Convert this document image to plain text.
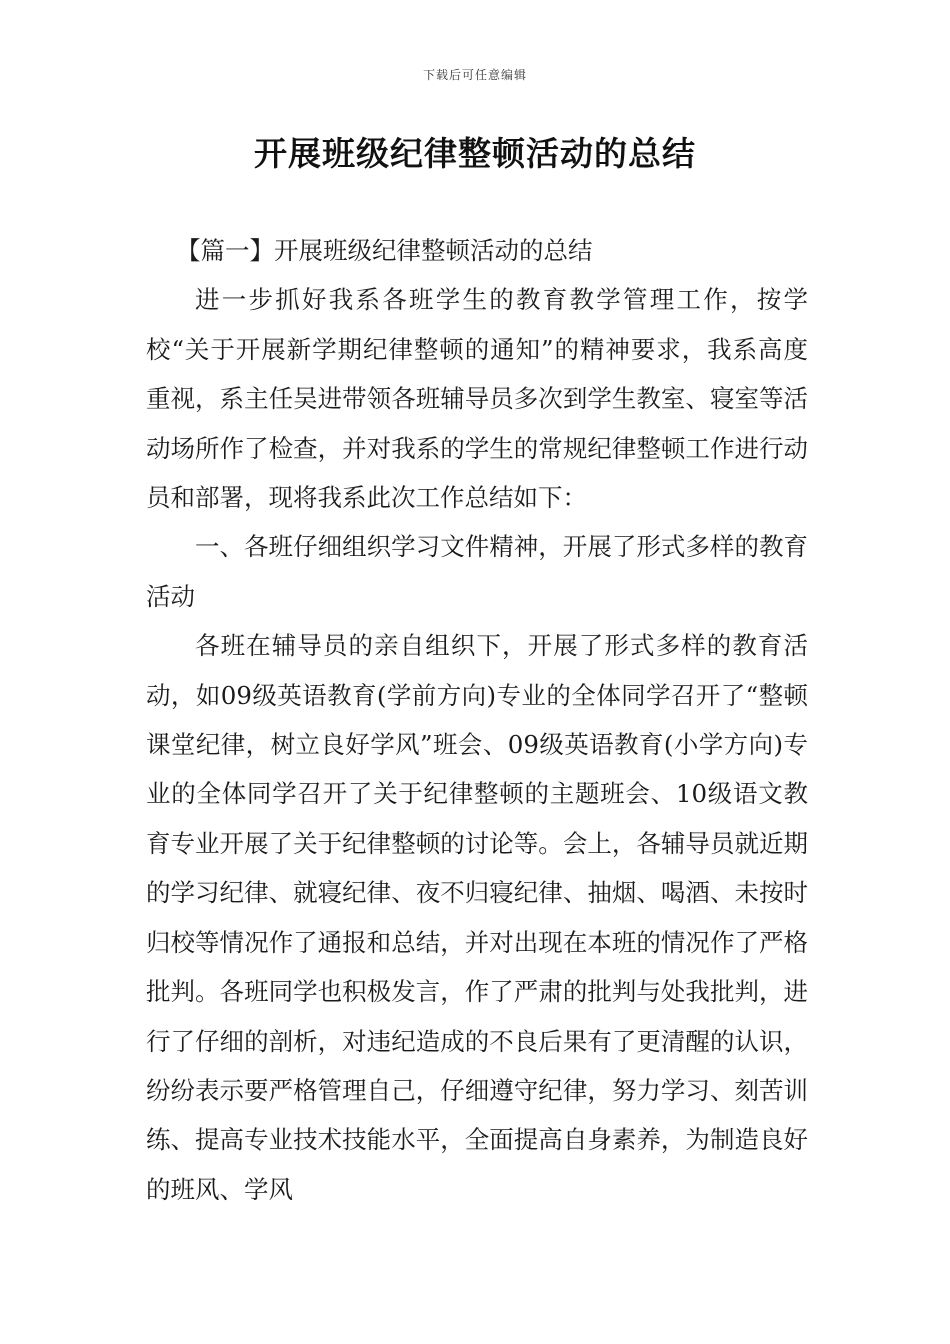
下载后可任意编辑
开展班级纪律整顿活动的总结

【篇一】开展班级纪律整顿活动的总结

进一步抓好我系各班学生的教育教学管理工作，按学校“关于开展新学期纪律整顿的通知”的精神要求，我系高度重视，系主任吴进带领各班辅导员多次到学生教室、寝室等活动场所作了检查，并对我系的学生的常规纪律整顿工作进行动员和部署，现将我系此次工作总结如下：

一、各班仔细组织学习文件精神，开展了形式多样的教育活动

各班在辅导员的亲自组织下，开展了形式多样的教育活动，如09级英语教育(学前方向)专业的全体同学召开了“整顿课堂纪律，树立良好学风”班会、09级英语教育(小学方向)专业的全体同学召开了关于纪律整顿的主题班会、10级语文教育专业开展了关于纪律整顿的讨论等。会上，各辅导员就近期的学习纪律、就寝纪律、夜不归寝纪律、抽烟、喝酒、未按时归校等情况作了通报和总结，并对出现在本班的情况作了严格批判。各班同学也积极发言，作了严肃的批判与处我批判，进行了仔细的剖析，对违纪造成的不良后果有了更清醒的认识，纷纷表示要严格管理自己，仔细遵守纪律，努力学习、刻苦训练、提高专业技术技能水平，全面提高自身素养，为制造良好的班风、学风
